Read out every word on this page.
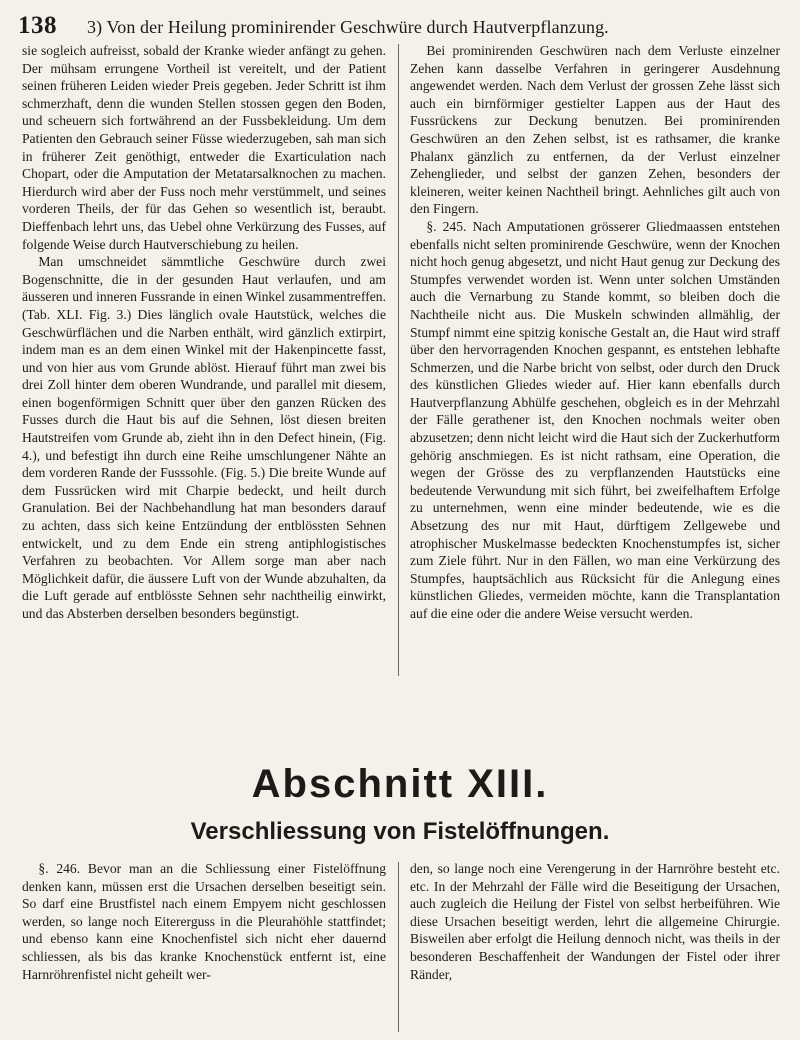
138 3) Von der Heilung prominirender Geschwüre durch Hautverpflanzung.

sie sogleich aufreisst, sobald der Kranke wieder anfängt zu gehen. Der mühsam errungene Vortheil ist vereitelt, und der Patient seinen früheren Leiden wieder Preis gegeben. Jeder Schritt ist ihm schmerzhaft, denn die wunden Stellen stossen gegen den Boden, und scheuern sich fortwährend an der Fussbekleidung. Um dem Patienten den Gebrauch seiner Füsse wiederzugeben, sah man sich in früherer Zeit genöthigt, entweder die Exarticulation nach Chopart, oder die Amputation der Metatarsalknochen zu machen. Hierdurch wird aber der Fuss noch mehr verstümmelt, und seines vorderen Theils, der für das Gehen so wesentlich ist, beraubt. Dieffenbach lehrt uns, das Uebel ohne Verkürzung des Fusses, auf folgende Weise durch Hautverschiebung zu heilen.

Man umschneidet sämmtliche Geschwüre durch zwei Bogenschnitte, die in der gesunden Haut verlaufen, und am äusseren und inneren Fussrande in einen Winkel zusammentreffen. (Tab. XLI. Fig. 3.) Dies länglich ovale Hautstück, welches die Geschwürflächen und die Narben enthält, wird gänzlich extirpirt, indem man es an dem einen Winkel mit der Hakenpincette fasst, und von hier aus vom Grunde ablöst. Hierauf führt man zwei bis drei Zoll hinter dem oberen Wundrande, und parallel mit diesem, einen bogenförmigen Schnitt quer über den ganzen Rücken des Fusses durch die Haut bis auf die Sehnen, löst diesen breiten Hautstreifen vom Grunde ab, zieht ihn in den Defect hinein, (Fig. 4.), und befestigt ihn durch eine Reihe umschlungener Nähte an dem vorderen Rande der Fusssohle. (Fig. 5.) Die breite Wunde auf dem Fussrücken wird mit Charpie bedeckt, und heilt durch Granulation. Bei der Nachbehandlung hat man besonders darauf zu achten, dass sich keine Entzündung der entblössten Sehnen entwickelt, und zu dem Ende ein streng antiphlogistisches Verfahren zu beobachten. Vor Allem sorge man aber nach Möglichkeit dafür, die äussere Luft von der Wunde abzuhalten, da die Luft gerade auf entblösste Sehnen sehr nachtheilig einwirkt, und das Absterben derselben besonders begünstigt.

Bei prominirenden Geschwüren nach dem Verluste einzelner Zehen kann dasselbe Verfahren in geringerer Ausdehnung angewendet werden. Nach dem Verlust der grossen Zehe lässt sich auch ein birnförmiger gestielter Lappen aus der Haut des Fussrückens zur Deckung benutzen. Bei prominirenden Geschwüren an den Zehen selbst, ist es rathsamer, die kranke Phalanx gänzlich zu entfernen, da der Verlust einzelner Zehenglieder, und selbst der ganzen Zehen, besonders der kleineren, weiter keinen Nachtheil bringt. Aehnliches gilt auch von den Fingern.

§. 245. Nach Amputationen grösserer Gliedmaassen entstehen ebenfalls nicht selten prominirende Geschwüre, wenn der Knochen nicht hoch genug abgesetzt, und nicht Haut genug zur Deckung des Stumpfes verwendet worden ist. Wenn unter solchen Umständen auch die Vernarbung zu Stande kommt, so bleiben doch die Nachtheile nicht aus. Die Muskeln schwinden allmählig, der Stumpf nimmt eine spitzig konische Gestalt an, die Haut wird straff über den hervorragenden Knochen gespannt, es entstehen lebhafte Schmerzen, und die Narbe bricht von selbst, oder durch den Druck des künstlichen Gliedes wieder auf. Hier kann ebenfalls durch Hautverpflanzung Abhülfe geschehen, obgleich es in der Mehrzahl der Fälle gerathener ist, den Knochen nochmals weiter oben abzusetzen; denn nicht leicht wird die Haut sich der Zuckerhutform gehörig anschmiegen. Es ist nicht rathsam, eine Operation, die wegen der Grösse des zu verpflanzenden Hautstücks eine bedeutende Verwundung mit sich führt, bei zweifelhaftem Erfolge zu unternehmen, wenn eine minder bedeutende, wie es die Absetzung des nur mit Haut, dürftigem Zellgewebe und atrophischer Muskelmasse bedeckten Knochenstumpfes ist, sicher zum Ziele führt. Nur in den Fällen, wo man eine Verkürzung des Stumpfes, hauptsächlich aus Rücksicht für die Anlegung eines künstlichen Gliedes, vermeiden möchte, kann die Transplantation auf die eine oder die andere Weise versucht werden.

Abschnitt XIII.
Verschliessung von Fistelöffnungen.

§. 246. Bevor man an die Schliessung einer Fistelöffnung denken kann, müssen erst die Ursachen derselben beseitigt sein. So darf eine Brustfistel nach einem Empyem nicht geschlossen werden, so lange noch Eitererguss in die Pleurahöhle stattfindet; und ebenso kann eine Knochenfistel sich nicht eher dauernd schliessen, als bis das kranke Knochenstück entfernt ist, eine Harnröhrenfistel nicht geheilt wer-

den, so lange noch eine Verengerung in der Harnröhre besteht etc. etc. In der Mehrzahl der Fälle wird die Beseitigung der Ursachen, auch zugleich die Heilung der Fistel von selbst herbeiführen. Wie diese Ursachen beseitigt werden, lehrt die allgemeine Chirurgie. Bisweilen aber erfolgt die Heilung dennoch nicht, was theils in der besonderen Beschaffenheit der Wandungen der Fistel oder ihrer Ränder,
